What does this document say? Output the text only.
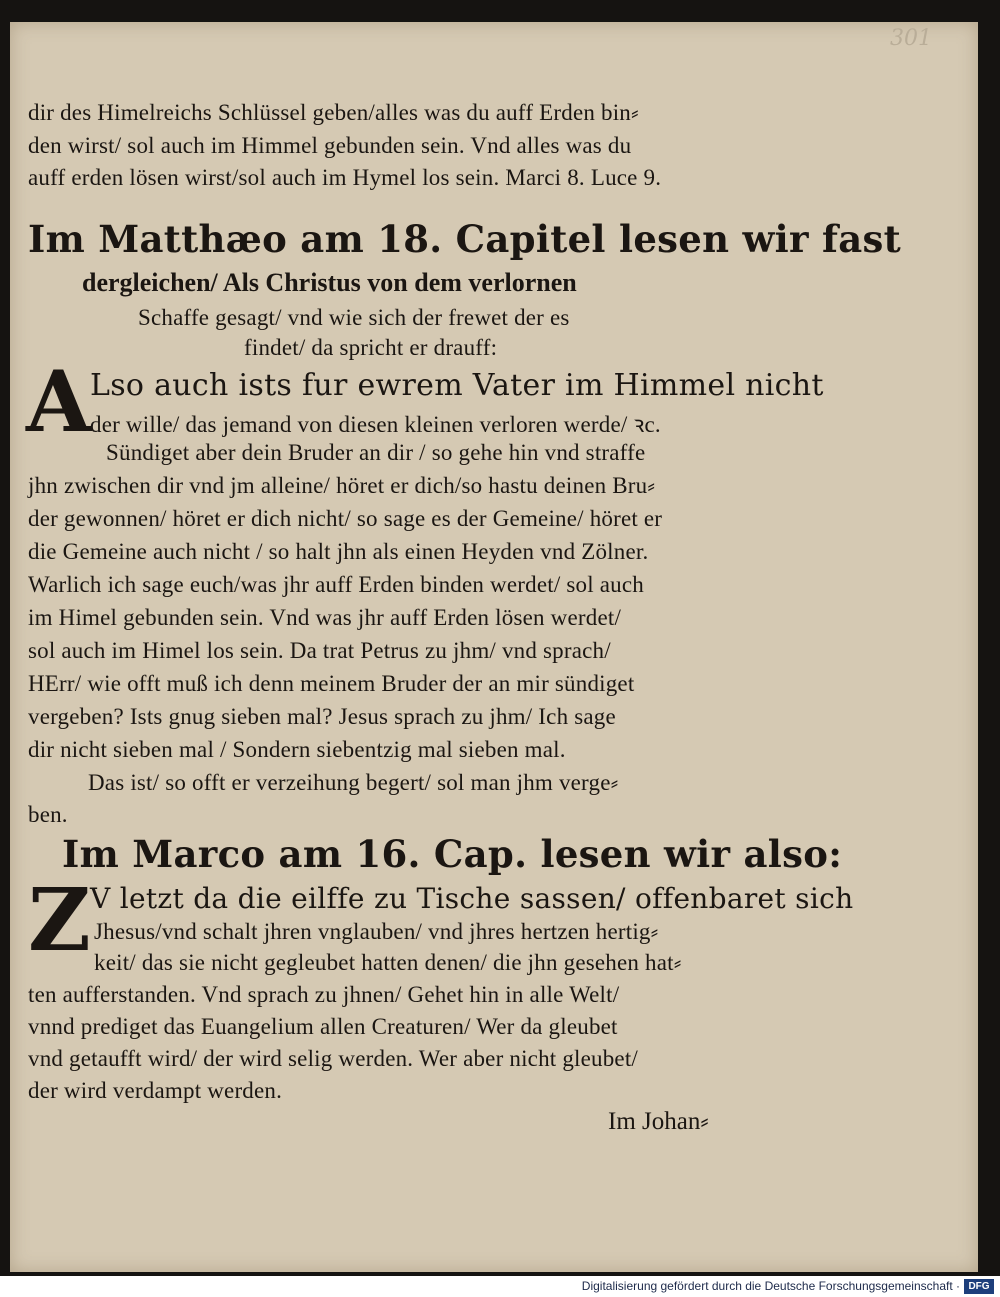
301
dir des Himelreichs Schlüssel geben/alles was du auff Erden bin⸗
den wirst/ sol auch im Himmel gebunden sein. Vnd alles was du
auff erden lösen wirst/sol auch im Hymel los sein. Marci 8. Luce 9.
Im Matthæo am 18. Capitel lesen wir fast
dergleichen/ Als Christus von dem verlornen
Schaffe gesagt/ vnd wie sich der frewet der es
findet/ da spricht er drauff:
A
Lso auch ists fur ewrem Vater im Himmel nicht
der wille/ das jemand von diesen kleinen verloren werde/ ꝛc.
Sündiget aber dein Bruder an dir / so gehe hin vnd straffe
jhn zwischen dir vnd jm alleine/ höret er dich/so hastu deinen Bru⸗
der gewonnen/ höret er dich nicht/ so sage es der Gemeine/ höret er
die Gemeine auch nicht / so halt jhn als einen Heyden vnd Zölner.
Warlich ich sage euch/was jhr auff Erden binden werdet/ sol auch
im Himel gebunden sein. Vnd was jhr auff Erden lösen werdet/
sol auch im Himel los sein. Da trat Petrus zu jhm/ vnd sprach/
HErr/ wie offt muß ich denn meinem Bruder der an mir sündiget
vergeben? Ists gnug sieben mal? Jesus sprach zu jhm/ Ich sage
dir nicht sieben mal / Sondern siebentzig mal sieben mal.
Das ist/ so offt er verzeihung begert/ sol man jhm verge⸗
ben.
Im Marco am 16. Cap. lesen wir also:
Z V letzt da die eilffe zu Tische sassen/ offenbaret sich
Jhesus/vnd schalt jhren vnglauben/ vnd jhres hertzen hertig⸗
keit/ das sie nicht gegleubet hatten denen/ die jhn gesehen hat⸗
ten aufferstanden. Vnd sprach zu jhnen/ Gehet hin in alle Welt/
vnnd prediget das Euangelium allen Creaturen/ Wer da gleubet
vnd getaufft wird/ der wird selig werden. Wer aber nicht gleubet/
der wird verdampt werden.
Im Johan⸗
Digitalisierung gefördert durch die Deutsche Forschungsgemeinschaft · DFG
